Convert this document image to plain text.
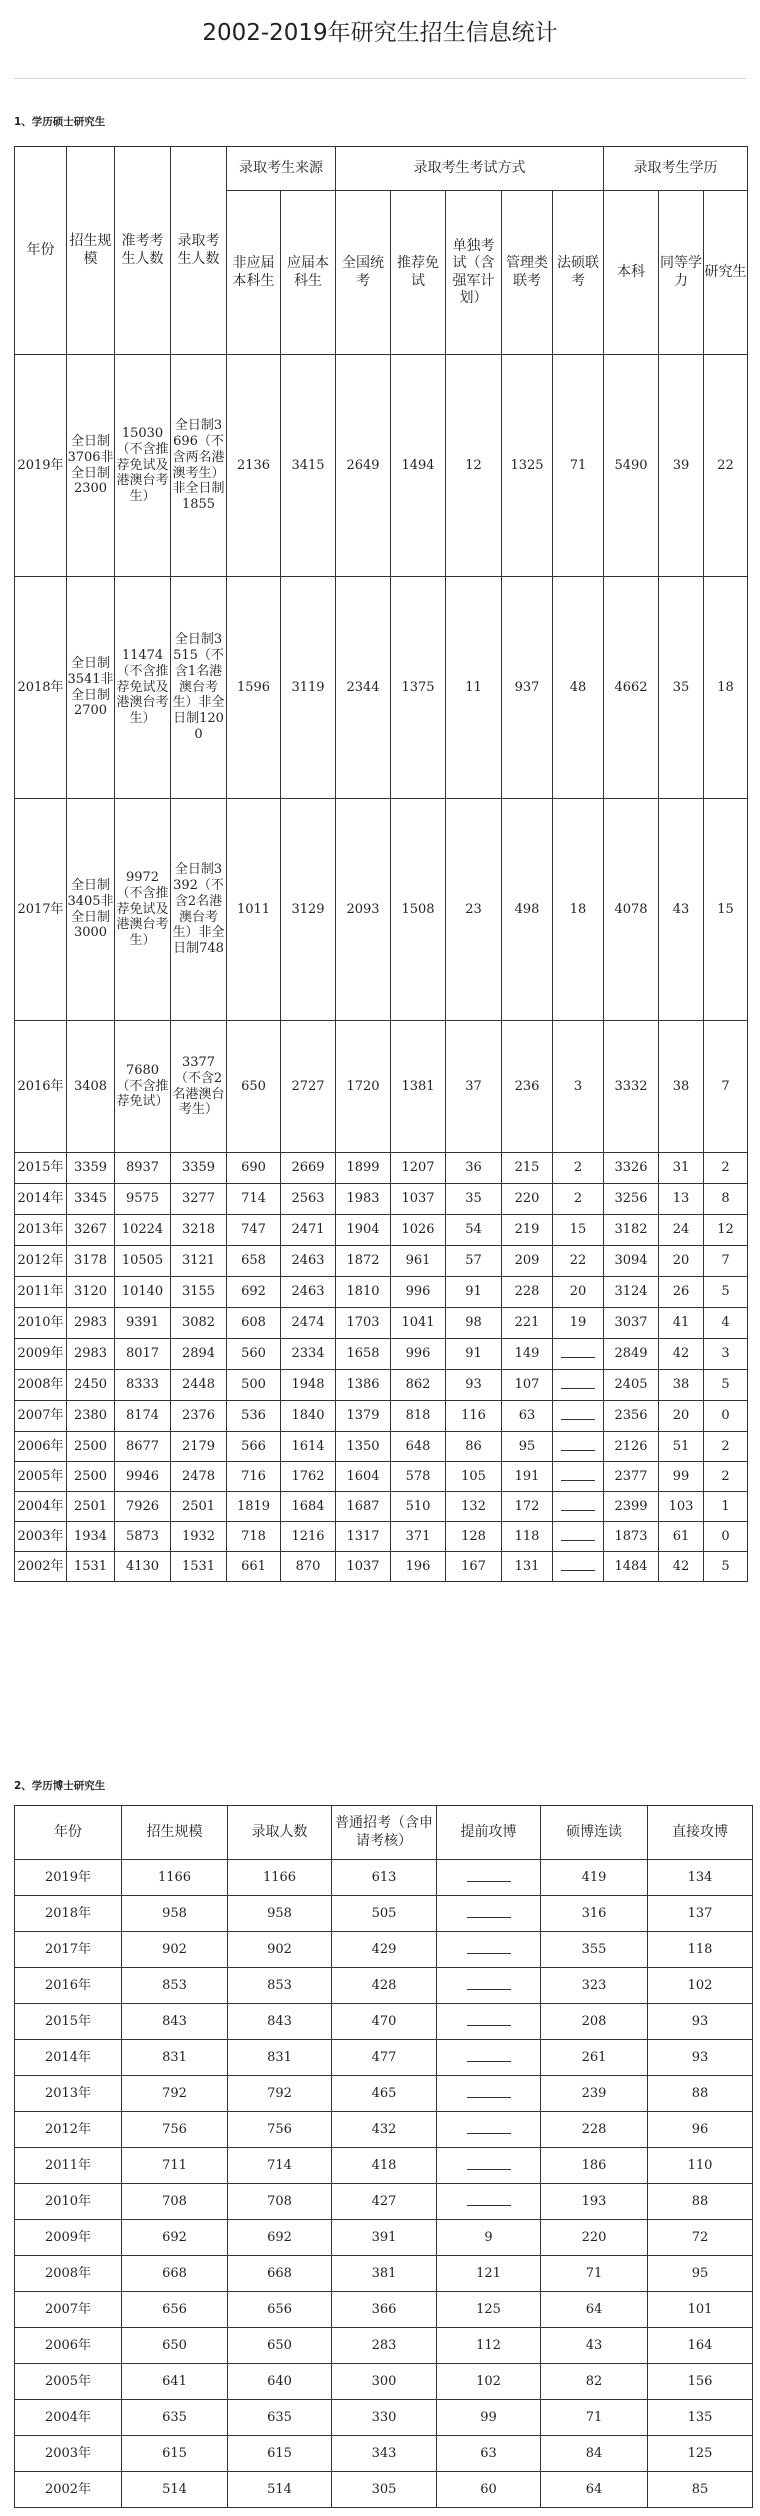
2002-2019年研究生招生信息统计
1、学历硕士研究生
年份	招生规模	准考考生人数	录取考生人数	录取考生来源		录取考生考试方式					录取考生学历		
				非应届本科生	应届本科生	全国统考	推荐免试	单独考试（含强军计划）	管理类联考	法硕联考	本科	同等学力	研究生
2019年	全日制3706非全日制2300	15030（不含推荐免试及港澳台考生）	全日制3696（不含两名港澳考生）非全日制1855	2136	3415	2649	1494	12	1325	71	5490	39	22
2018年	全日制3541非全日制2700	11474（不含推荐免试及港澳台考生）	全日制3515（不含1名港澳台考生）非全日制1200	1596	3119	2344	1375	11	937	48	4662	35	18
2017年	全日制3405非全日制3000	9972（不含推荐免试及港澳台考生）	全日制3392（不含2名港澳台考生）非全日制748	1011	3129	2093	1508	23	498	18	4078	43	15
2016年	3408	7680（不含推荐免试）	3377（不含2名港澳台考生）	650	2727	1720	1381	37	236	3	3332	38	7
2015年	3359	8937	3359	690	2669	1899	1207	36	215	2	3326	31	2
2014年	3345	9575	3277	714	2563	1983	1037	35	220	2	3256	13	8
2013年	3267	10224	3218	747	2471	1904	1026	54	219	15	3182	24	12
2012年	3178	10505	3121	658	2463	1872	961	57	209	22	3094	20	7
2011年	3120	10140	3155	692	2463	1810	996	91	228	20	3124	26	5
2010年	2983	9391	3082	608	2474	1703	1041	98	221	19	3037	41	4
2009年	2983	8017	2894	560	2334	1658	996	91	149		2849	42	3
2008年	2450	8333	2448	500	1948	1386	862	93	107		2405	38	5
2007年	2380	8174	2376	536	1840	1379	818	116	63		2356	20	0
2006年	2500	8677	2179	566	1614	1350	648	86	95		2126	51	2
2005年	2500	9946	2478	716	1762	1604	578	105	191		2377	99	2
2004年	2501	7926	2501	1819	1684	1687	510	132	172		2399	103	1
2003年	1934	5873	1932	718	1216	1317	371	128	118		1873	61	0
2002年	1531	4130	1531	661	870	1037	196	167	131		1484	42	5
2、学历博士研究生
年份	招生规模	录取人数	普通招考（含申请考核）	提前攻博	硕博连读	直接攻博
2019年	1166	1166	613		419	134
2018年	958	958	505		316	137
2017年	902	902	429		355	118
2016年	853	853	428		323	102
2015年	843	843	470		208	93
2014年	831	831	477		261	93
2013年	792	792	465		239	88
2012年	756	756	432		228	96
2011年	711	714	418		186	110
2010年	708	708	427		193	88
2009年	692	692	391	9	220	72
2008年	668	668	381	121	71	95
2007年	656	656	366	125	64	101
2006年	650	650	283	112	43	164
2005年	641	640	300	102	82	156
2004年	635	635	330	99	71	135
2003年	615	615	343	63	84	125
2002年	514	514	305	60	64	85
